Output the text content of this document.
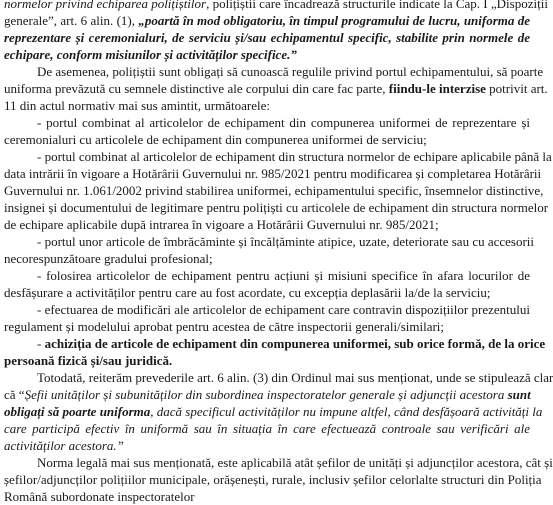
normelor privind echiparea polițiștilor, polițiștii care încadrează structurile indicate la Cap. I „Dispoziții
generale”, art. 6 alin. (1), „poartă în mod obligatoriu, în timpul programului de lucru, uniforma de
reprezentare și ceremonialuri, de serviciu și/sau echipamentul specific, stabilite prin normele de
echipare, conform misiunilor și activităților specifice.”
De asemenea, polițiștii sunt obligați să cunoască regulile privind portul echipamentului, să poarte
uniforma prevăzută cu semnele distinctive ale corpului din care fac parte, fiindu-le interzise potrivit art.
11 din actul normativ mai sus amintit, următoarele:
- portul combinat al articolelor de echipament din compunerea uniformei de reprezentare și
ceremonialuri cu articolele de echipament din compunerea uniformei de serviciu;
- portul combinat al articolelor de echipament din structura normelor de echipare aplicabile până la
data intrării în vigoare a Hotărârii Guvernului nr. 985/2021 pentru modificarea și completarea Hotărârii
Guvernului nr. 1.061/2002 privind stabilirea uniformei, echipamentului specific, însemnelor distinctive,
insignei și documentului de legitimare pentru polițiști cu articolele de echipament din structura normelor
de echipare aplicabile după intrarea în vigoare a Hotărârii Guvernului nr. 985/2021;
- portul unor articole de îmbrăcăminte și încălțăminte atipice, uzate, deteriorate sau cu accesorii
necorespunzătoare gradului profesional;
- folosirea articolelor de echipament pentru acțiuni și misiuni specifice în afara locurilor de
desfășurare a activităților pentru care au fost acordate, cu excepția deplasării la/de la serviciu;
- efectuarea de modificări ale articolelor de echipament care contravin dispozițiilor prezentului
regulament și modelului aprobat pentru acestea de către inspectorii generali/similari;
- achiziția de articole de echipament din compunerea uniformei, sub orice formă, de la orice
persoană fizică și/sau juridică.
Totodată, reiterăm prevederile art. 6 alin. (3) din Ordinul mai sus menționat, unde se stipulează clar
că “Șefii unităților și subunităților din subordinea inspectoratelor generale și adjuncții acestora sunt
obligați să poarte uniforma, dacă specificul activităților nu impune altfel, când desfășoară activități la
care participă efectiv în uniformă sau în situația în care efectuează controale sau verificări ale
activităților acestora.”
Norma legală mai sus menționată, este aplicabilă atât șefilor de unități și adjuncților acestora, cât și
șefilor/adjuncților polițiilor municipale, orășenești, rurale, inclusiv șefilor celorlalte structuri din Poliția
Română subordonate inspectoratelor
